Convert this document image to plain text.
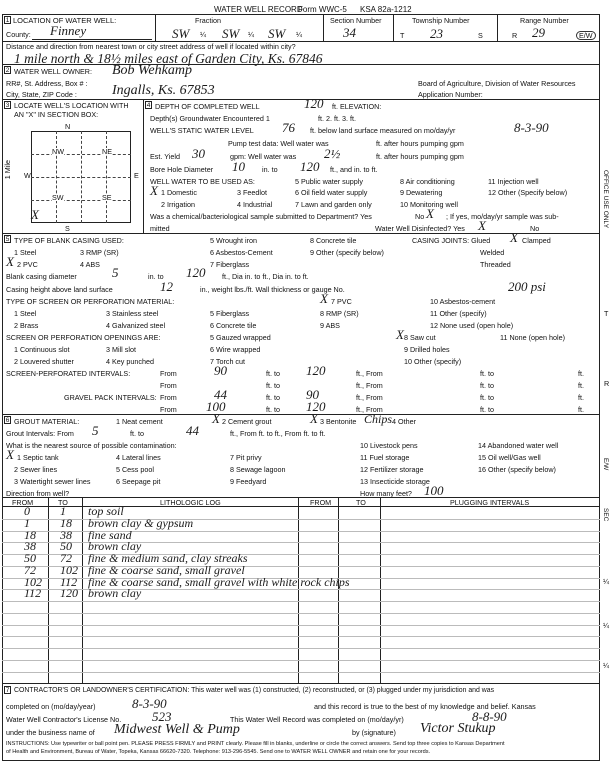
WATER WELL RECORD
Form WWC-5 KSA 82a-1212
1 LOCATION OF WATER WELL:
County: Finney
Fraction
SW ¼ SW ¼ SW ¼
Section Number
34
Township Number
T 23	S
Range Number
R 29	E/W
Distance and direction from nearest town or city street address of well if located within city?
1 mile north & 18½ miles east of Garden City, Ks. 67846
2 WATER WELL OWNER: Bob Wehkamp
RR#, St. Address, Box # :	Board of Agriculture, Division of Water Resources
City, State, ZIP Code :	Ingalls, Ks. 67853	Application Number:
3 LOCATE WELL'S LOCATION WITH
AN "X" IN SECTION BOX:
N
S
W	E
1 Mile
NW	NE
SW	SE
X
4 DEPTH OF COMPLETED WELL	120 ft. ELEVATION:
Depth(s) Groundwater Encountered 1	ft. 2. ft. 3. ft.
WELL'S STATIC WATER LEVEL 76 ft. below land surface measured on mo/day/yr	8-3-90
Pump test data: Well water was	ft. after hours pumping gpm
Est. Yield 30	gpm: Well water was 2½	ft. after hours pumping gpm
Bore Hole Diameter 10 in. to 120 ft., and in. to ft.
WELL WATER TO BE USED AS:	5 Public water supply	8 Air conditioning	11 Injection well
X 1 Domestic	3 Feedlot	6 Oil field water supply	9 Dewatering	12 Other (Specify below)
2 Irrigation	4 Industrial	7 Lawn and garden only	10 Monitoring well
Was a chemical/bacteriological sample submitted to Department? Yes	No X ; If yes, mo/day/yr sample was sub-
mitted	Water Well Disinfected? Yes X	No
5 TYPE OF BLANK CASING USED:	5 Wrought iron	8 Concrete tile	CASING JOINTS: Glued X Clamped
1 Steel	3 RMP (SR)	6 Asbestos-Cement	9 Other (specify below)	Welded
X 2 PVC	4 ABS	7 Fiberglass	Threaded
Blank casing diameter	5	in. to 120 ft., Dia in. to ft., Dia in. to ft.
Casing height above land surface	12	in., weight lbs./ft. Wall thickness or gauge No.	200 psi
TYPE OF SCREEN OR PERFORATION MATERIAL:	X 7 PVC	10 Asbestos-cement
1 Steel	3 Stainless steel	5 Fiberglass	8 RMP (SR)	11 Other (specify)
2 Brass	4 Galvanized steel	6 Concrete tile	9 ABS	12 None used (open hole)
SCREEN OR PERFORATION OPENINGS ARE:	5 Gauzed wrapped	X 8 Saw cut	11 None (open hole)
1 Continuous slot	3 Mill slot	6 Wire wrapped	9 Drilled holes
2 Louvered shutter	4 Key punched	7 Torch cut	10 Other (specify)
SCREEN-PERFORATED INTERVALS:	From	90	ft. to 120	ft., From	ft. to	ft.
From	ft. to	ft., From	ft. to	ft.
GRAVEL PACK INTERVALS: From	44	ft. to 90	ft., From	ft. to	ft.
From 100	ft. to 120	ft., From	ft. to	ft.
6 GROUT MATERIAL:	1 Neat cement	X 2 Cement grout	X 3 Bentonite Chips 4 Other
Grout Intervals: From 5	ft. to	44	ft., From ft. to ft., From ft. to ft.
What is the nearest source of possible contamination:	10 Livestock pens	14 Abandoned water well
X 1 Septic tank	4 Lateral lines	7 Pit privy	11 Fuel storage	15 Oil well/Gas well
2 Sewer lines	5 Cess pool	8 Sewage lagoon	12 Fertilizer storage	16 Other (specify below)
3 Watertight sewer lines	6 Seepage pit	9 Feedyard	13 Insecticide storage
Direction from well?	How many feet? 100
FROM	TO	LITHOLOGIC LOG	FROM	TO	PLUGGING INTERVALS
0	1 top soil
1	18 brown clay & gypsum
18 38 fine sand
38 50 brown clay
50 72 fine & medium sand, clay streaks
72 102 fine & coarse sand, small gravel
102 112 fine & coarse sand, small gravel with white rock chips
112 120 brown clay
7 CONTRACTOR'S OR LANDOWNER'S CERTIFICATION: This water well was (1) constructed, (2) reconstructed, or (3) plugged under my jurisdiction and was
completed on (mo/day/year)	8-3-90	and this record is true to the best of my knowledge and belief. Kansas
Water Well Contractor's License No. 523	This Water Well Record was completed on (mo/day/yr)	8-8-90
under the business name of Midwest Well & Pump	by (signature) Victor Stukup
INSTRUCTIONS: Use typewriter or ball point pen. PLEASE PRESS FIRMLY and PRINT clearly. Please fill in blanks, underline or circle the correct answers. Send top three copies to Kansas Department
of Health and Environment, Bureau of Water, Topeka, Kansas 66620-7320. Telephone: 913-296-5545. Send one to WATER WELL OWNER and retain one for your records.
OFFICE USE ONLY
T
R
E/W
SEC
¼
¼
¼
